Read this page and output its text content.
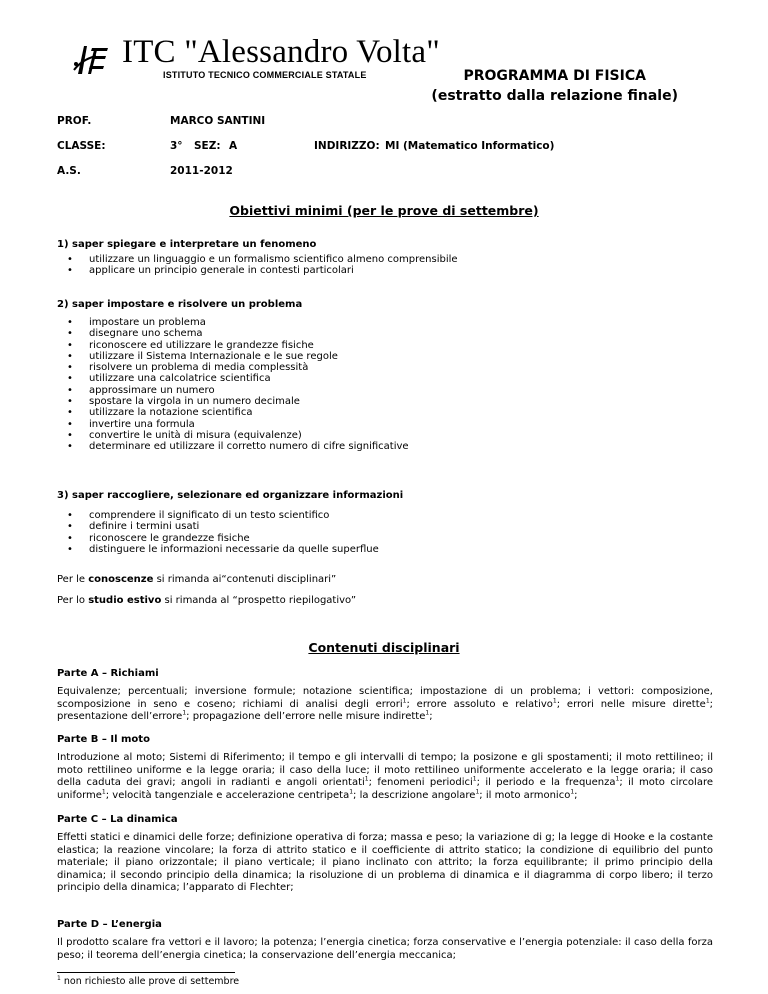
ITC "Alessandro Volta"
ISTITUTO TECNICO COMMERCIALE STATALE	PROGRAMMA DI FISICA
(estratto dalla relazione finale)
PROF.	MARCO SANTINI
CLASSE:	3° SEZ: A	INDIRIZZO: MI (Matematico Informatico)
A.S.	2011-2012
Obiettivi minimi (per le prove di settembre)

1) saper spiegare e interpretare un fenomeno

• utilizzare un linguaggio e un formalismo scientifico almeno comprensibile
• applicare un principio generale in contesti particolari

2) saper impostare e risolvere un problema

• impostare un problema
• disegnare uno schema
• riconoscere ed utilizzare le grandezze fisiche
• utilizzare il Sistema Internazionale e le sue regole
• risolvere un problema di media complessità
• utilizzare una calcolatrice scientifica
• approssimare un numero
• spostare la virgola in un numero decimale
• utilizzare la notazione scientifica
• invertire una formula
• convertire le unità di misura (equivalenze)
• determinare ed utilizzare il corretto numero di cifre significative

3) saper raccogliere, selezionare ed organizzare informazioni

• comprendere il significato di un testo scientifico
• definire i termini usati
• riconoscere le grandezze fisiche
• distinguere le informazioni necessarie da quelle superflue
Per le conoscenze si rimanda ai“contenuti disciplinari”
Per lo studio estivo si rimanda al “prospetto riepilogativo”
Contenuti disciplinari
Parte A – Richiami
Equivalenze; percentuali; inversione formule; notazione scientifica; impostazione di un problema; i vettori: composizione, scomposizione in seno e coseno; richiami di analisi degli errori$^1$; errore assoluto e relativo$^1$; errori nelle misure dirette$^1$; presentazione dell’errore$^1$; propagazione dell’errore nelle misure indirette$^1$;
Parte B – Il moto
Introduzione al moto; Sistemi di Riferimento; il tempo e gli intervalli di tempo; la posizone e gli spostamenti; il moto rettilineo; il moto rettilineo uniforme e la legge oraria; il caso della luce; il moto rettilineo uniformente accelerato e la legge oraria; il caso della caduta dei gravi; angoli in radianti e angoli orientati$^1$; fenomeni periodici$^1$; il periodo e la frequenza$^1$; il moto circolare uniforme$^1$; velocità tangenziale e accelerazione centripeta$^1$; la descrizione angolare$^1$; il moto armonico$^1$;
Parte C – La dinamica
Effetti statici e dinamici delle forze; definizione operativa di forza; massa e peso; la variazione di g; la legge di Hooke e la costante elastica; la reazione vincolare; la forza di attrito statico e il coefficiente di attrito statico; la condizione di equilibrio del punto materiale; il piano orizzontale; il piano verticale; il piano inclinato con attrito; la forza equilibrante; il primo principio della dinamica; il secondo principio della dinamica; la risoluzione di un problema di dinamica e il diagramma di corpo libero; il terzo principio della dinamica; l’apparato di Flechter;
Parte D – L’energia
Il prodotto scalare fra vettori e il lavoro; la potenza; l’energia cinetica; forza conservative e l’energia potenziale: il caso della forza peso; il teorema dell’energia cinetica; la conservazione dell’energia meccanica;
$^1$ non richiesto alle prove di settembre
